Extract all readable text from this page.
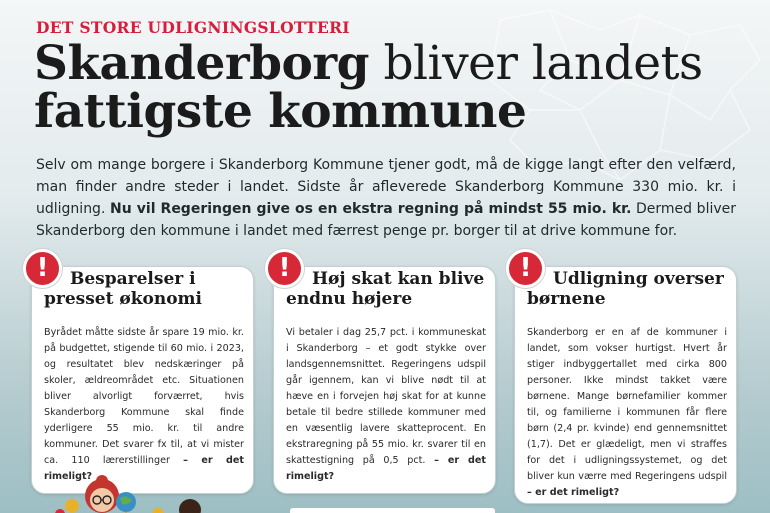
DET STORE UDLIGNINGSLOTTERI
Skanderborg bliver landets
fattigste kommune

Selv om mange borgere i Skanderborg Kommune tjener godt, må de kigge langt efter den velfærd, man finder andre steder i landet. Sidste år afleverede Skanderborg Kommune 330 mio. kr. i udligning. Nu vil Regeringen give os en ekstra regning på mindst 55 mio. kr. Dermed bliver Skanderborg den kommune i landet med færrest penge pr. borger til at drive kommune for.

!	Besparelser i
presset økonomi

Byrådet måtte sidste år spare 19 mio. kr. på budgettet, stigende til 60 mio. i 2023, og resultatet blev nedskæringer på skoler, ældreområdet etc. Situationen bliver alvorligt forværret, hvis Skanderborg Kommune skal finde yderligere 55 mio. kr. til andre kommuner. Det svarer fx til, at vi mister ca. 110 lærerstillinger – er det rimeligt?

!	Høj skat kan blive
endnu højere

Vi betaler i dag 25,7 pct. i kommuneskat i Skanderborg – et godt stykke over landsgennemsnittet. Regeringens udspil går igennem, kan vi blive nødt til at hæve en i forvejen høj skat for at kunne betale til bedre stillede kommuner med en væsentlig lavere skatteprocent. En ekstraregning på 55 mio. kr. svarer til en skattestigning på 0,5 pct. – er det rimeligt?

!	Udligning overser
børnene

Skanderborg er en af de kommuner i landet, som vokser hurtigst. Hvert år stiger indbyggertallet med cirka 800 personer. Ikke mindst takket være børnene. Mange børnefamilier kommer til, og familierne i kommunen får flere børn (2,4 pr. kvinde) end gennemsnittet (1,7). Det er glædeligt, men vi straffes for det i udligningssystemet, og det bliver kun værre med Regeringens udspil – er det rimeligt?
